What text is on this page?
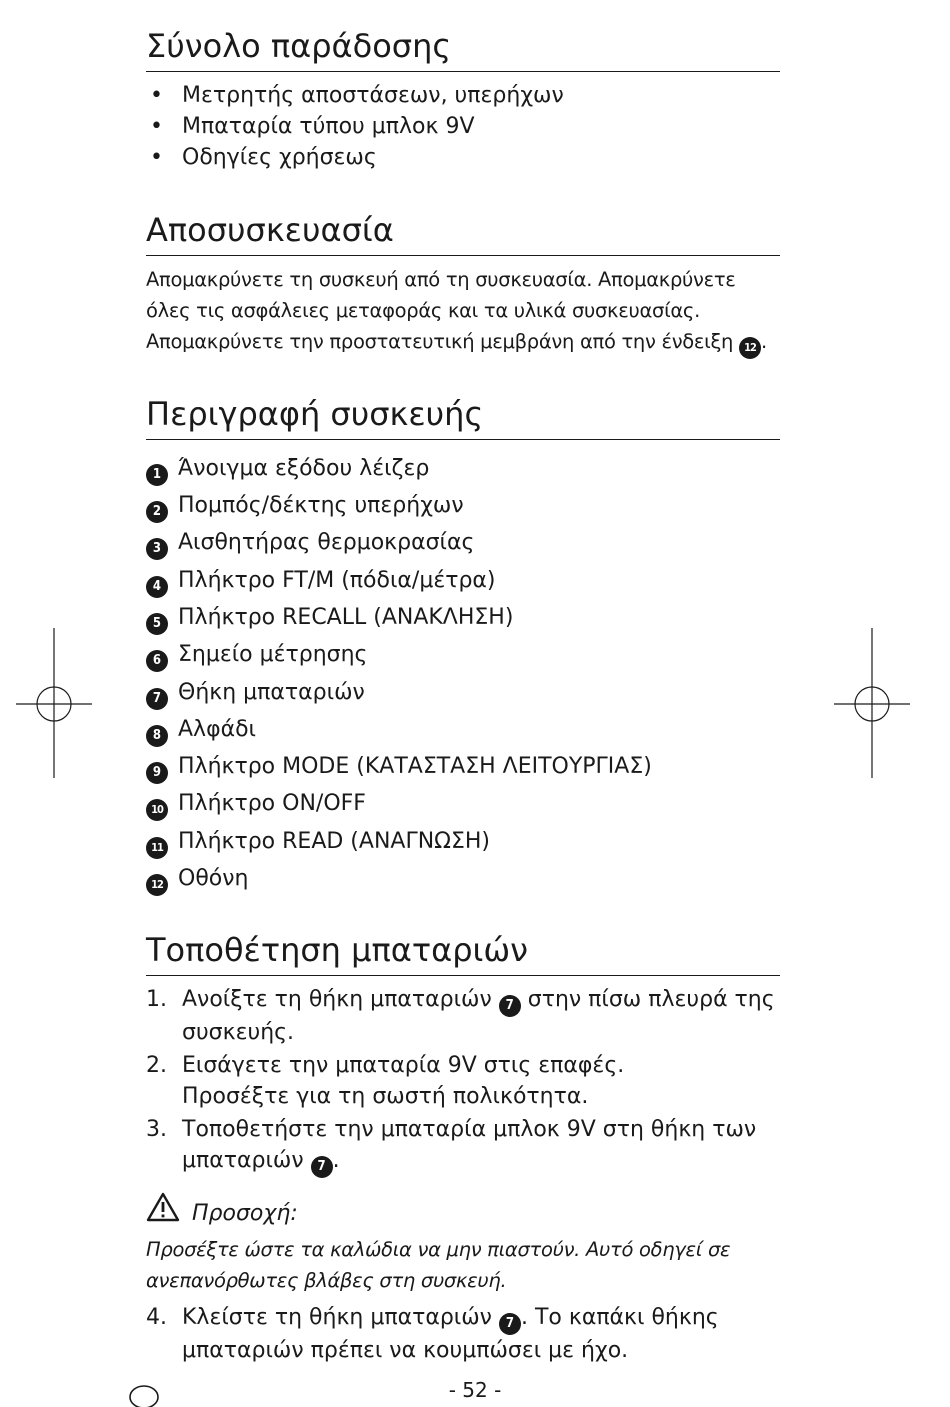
Σύνολο παράδοσης
• Μετρητής αποστάσεων, υπερήχων
• Μπαταρία τύπου μπλοκ 9V
• Οδηγίες χρήσεως
Αποσυσκευασία
Απομακρύνετε τη συσκευή από τη συσκευασία. Απομακρύνετε
όλες τις ασφάλειες μεταφοράς και τα υλικά συσκευασίας.
Απομακρύνετε την προστατευτική μεμβράνη από την ένδειξη 12 .
Περιγραφή συσκευής
1 Άνοιγμα εξόδου λέιζερ
2 Πομπός/δέκτης υπερήχων
3 Αισθητήρας θερμοκρασίας
4 Πλήκτρο FT/M (πόδια/μέτρα)
5 Πλήκτρο RECALL (ΑΝΑΚΛΗΣΗ)
6 Σημείο μέτρησης
7 Θήκη μπαταριών
8 Αλφάδι
9 Πλήκτρο MODE (ΚΑΤΑΣΤΑΣΗ ΛΕΙΤΟΥΡΓΙΑΣ)
10 Πλήκτρο ON/OFF
11 Πλήκτρο READ (ΑΝΑΓΝΩΣΗ)
12 Οθόνη
Τοποθέτηση μπαταριών
1. Ανοίξτε τη θήκη μπαταριών 7 στην πίσω πλευρά της
συσκευής.
2. Εισάγετε την μπαταρία 9V στις επαφές.
Προσέξτε για τη σωστή πολικότητα.
3. Τοποθετήστε την μπαταρία μπλοκ 9V στη θήκη των
μπαταριών 7 .
Προσοχή:
Προσέξτε ώστε τα καλώδια να μην πιαστούν. Αυτό οδηγεί σε
ανεπανόρθωτες βλάβες στη συσκευή.
4. Κλείστε τη θήκη μπαταριών 7 . Το καπάκι θήκης
μπαταριών πρέπει να κουμπώσει με ήχο.
- 52 -
